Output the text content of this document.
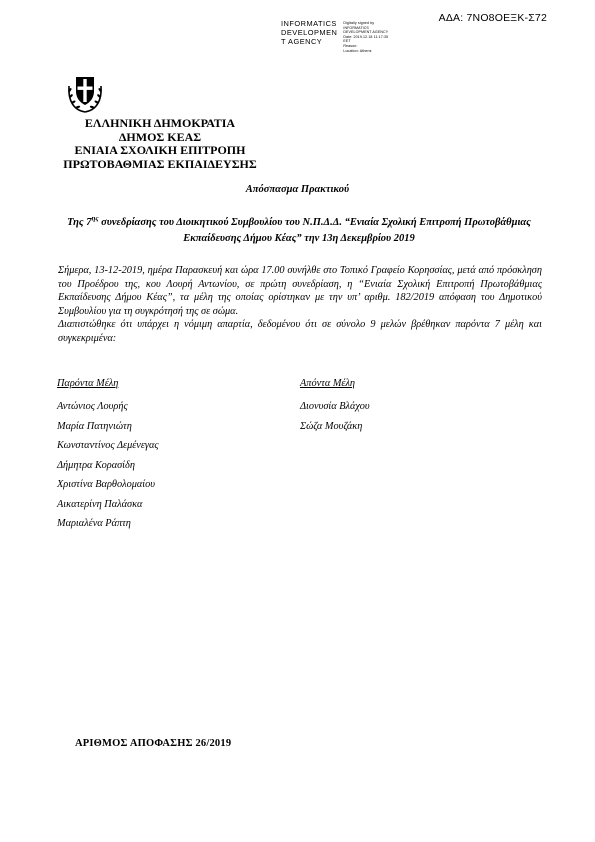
ΑΔΑ: 7ΝΟ8ΟΕΞΚ-Σ72
INFORMATICS
DEVELOPMEN
T AGENCY
Digitally signed by
INFORMATICS
DEVELOPMENT AGENCY
Date: 2019.12.18 11:17:35
EET
Reason:
Location: Athens
ΕΛΛΗΝΙΚΗ ΔΗΜΟΚΡΑΤΙΑ
ΔΗΜΟΣ ΚΕΑΣ
ΕΝΙΑΙΑ ΣΧΟΛΙΚΗ ΕΠΙΤΡΟΠΗ
ΠΡΩΤΟΒΑΘΜΙΑΣ ΕΚΠΑΙΔΕΥΣΗΣ
Απόσπασμα Πρακτικού
Της $7^{\eta\varsigma}$ συνεδρίασης του Διοικητικού Συμβουλίου του Ν.Π.Δ.Δ. “Ενιαία Σχολική Επιτροπή Πρωτοβάθμιας Εκπαίδευσης Δήμου Κέας” την 13η Δεκεμβρίου 2019

Σήμερα, 13-12-2019, ημέρα Παρασκευή και ώρα 17.00 συνήλθε στο Τοπικό Γραφείο Κορησσίας, μετά από πρόσκληση του Προέδρου της, κου Λουρή Αντωνίου, σε πρώτη συνεδρίαση, η “Ενιαία Σχολική Επιτροπή Πρωτοβάθμιας Εκπαίδευσης Δήμου Κέας”, τα μέλη της οποίας ορίστηκαν με την υπ’ αριθμ. 182/2019 απόφαση του Δημοτικού Συμβουλίου για τη συγκρότησή της σε σώμα.

Διαπιστώθηκε ότι υπάρχει η νόμιμη απαρτία, δεδομένου ότι σε σύνολο 9 μελών βρέθηκαν παρόντα 7 μέλη και συγκεκριμένα:

Παρόντα Μέλη
Αντώνιος Λουρής
Μαρία Πατηνιώτη
Κωνσταντίνος Δεμένεγας
Δήμητρα Κορασίδη
Χριστίνα Βαρθολομαίου
Αικατερίνη Παλάσκα
Μαριαλένα Ράπτη
Απόντα Μέλη
Διονυσία Βλάχου
Σώζα Μουζάκη
ΑΡΙΘΜΟΣ ΑΠΟΦΑΣΗΣ 26/2019
